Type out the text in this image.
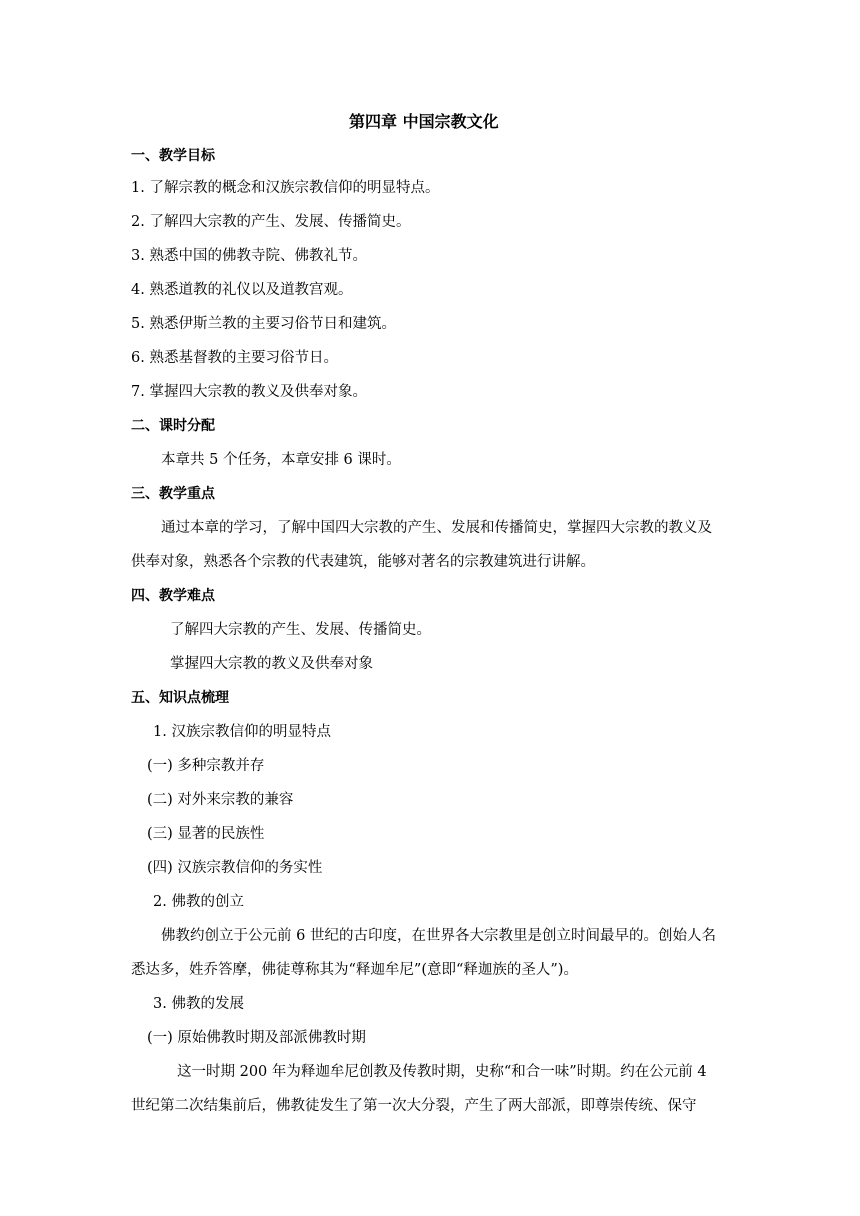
第四章 中国宗教文化
一、教学目标
1. 了解宗教的概念和汉族宗教信仰的明显特点。
2. 了解四大宗教的产生、发展、传播简史。
3. 熟悉中国的佛教寺院、佛教礼节。
4. 熟悉道教的礼仪以及道教宫观。
5. 熟悉伊斯兰教的主要习俗节日和建筑。
6. 熟悉基督教的主要习俗节日。
7. 掌握四大宗教的教义及供奉对象。
二、课时分配
本章共 5 个任务，本章安排 6 课时。
三、教学重点
通过本章的学习，了解中国四大宗教的产生、发展和传播简史，掌握四大宗教的教义及
供奉对象，熟悉各个宗教的代表建筑，能够对著名的宗教建筑进行讲解。
四、教学难点
了解四大宗教的产生、发展、传播简史。
掌握四大宗教的教义及供奉对象
五、知识点梳理
1. 汉族宗教信仰的明显特点
(一) 多种宗教并存
(二) 对外来宗教的兼容
(三) 显著的民族性
(四) 汉族宗教信仰的务实性
2. 佛教的创立
佛教约创立于公元前 6 世纪的古印度，在世界各大宗教里是创立时间最早的。创始人名
悉达多，姓乔答摩，佛徒尊称其为“释迦牟尼”(意即“释迦族的圣人”)。
3. 佛教的发展
(一) 原始佛教时期及部派佛教时期
这一时期 200 年为释迦牟尼创教及传教时期，史称“和合一味”时期。约在公元前 4
世纪第二次结集前后，佛教徒发生了第一次大分裂，产生了两大部派，即尊崇传统、保守
